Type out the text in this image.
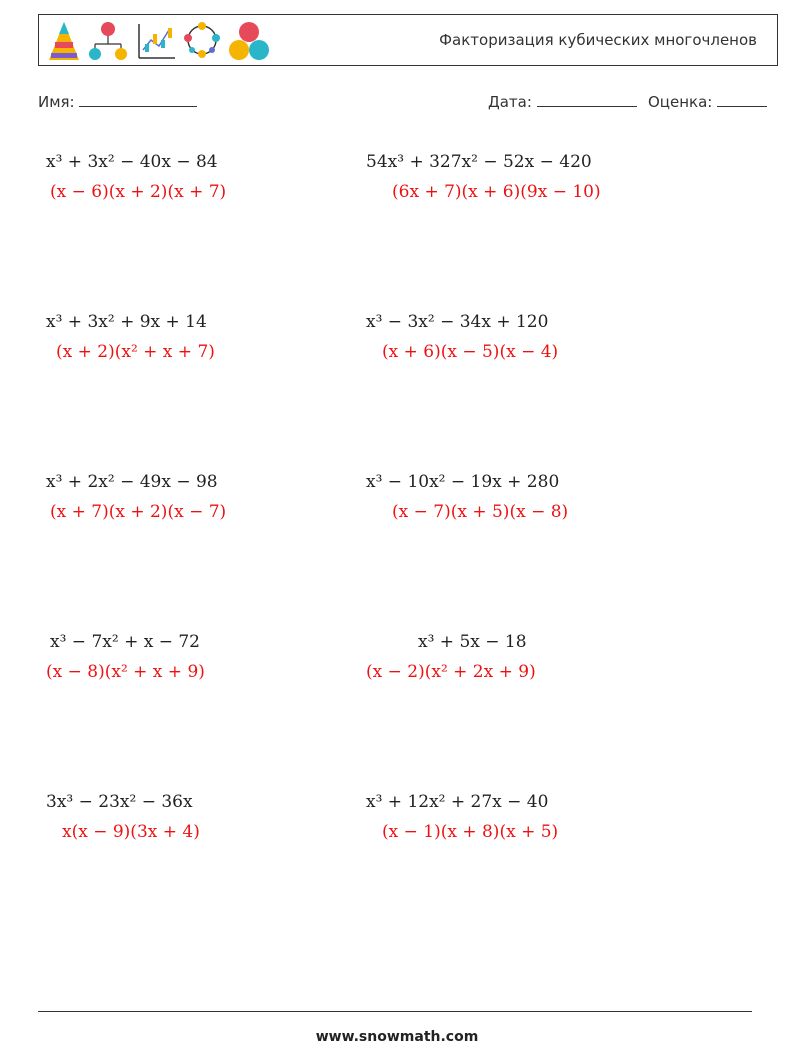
Факторизация кубических многочленов
Имя:	Дата:	Оценка:
x³ + 3x² − 40x − 84
(x − 6)(x + 2)(x + 7)
54x³ + 327x² − 52x − 420
(6x + 7)(x + 6)(9x − 10)
x³ + 3x² + 9x + 14
(x + 2)(x² + x + 7)
x³ − 3x² − 34x + 120
(x + 6)(x − 5)(x − 4)
x³ + 2x² − 49x − 98
(x + 7)(x + 2)(x − 7)
x³ − 10x² − 19x + 280
(x − 7)(x + 5)(x − 8)
x³ − 7x² + x − 72
(x − 8)(x² + x + 9)
x³ + 5x − 18
(x − 2)(x² + 2x + 9)
3x³ − 23x² − 36x
x(x − 9)(3x + 4)
x³ + 12x² + 27x − 40
(x − 1)(x + 8)(x + 5)
www.snowmath.com
